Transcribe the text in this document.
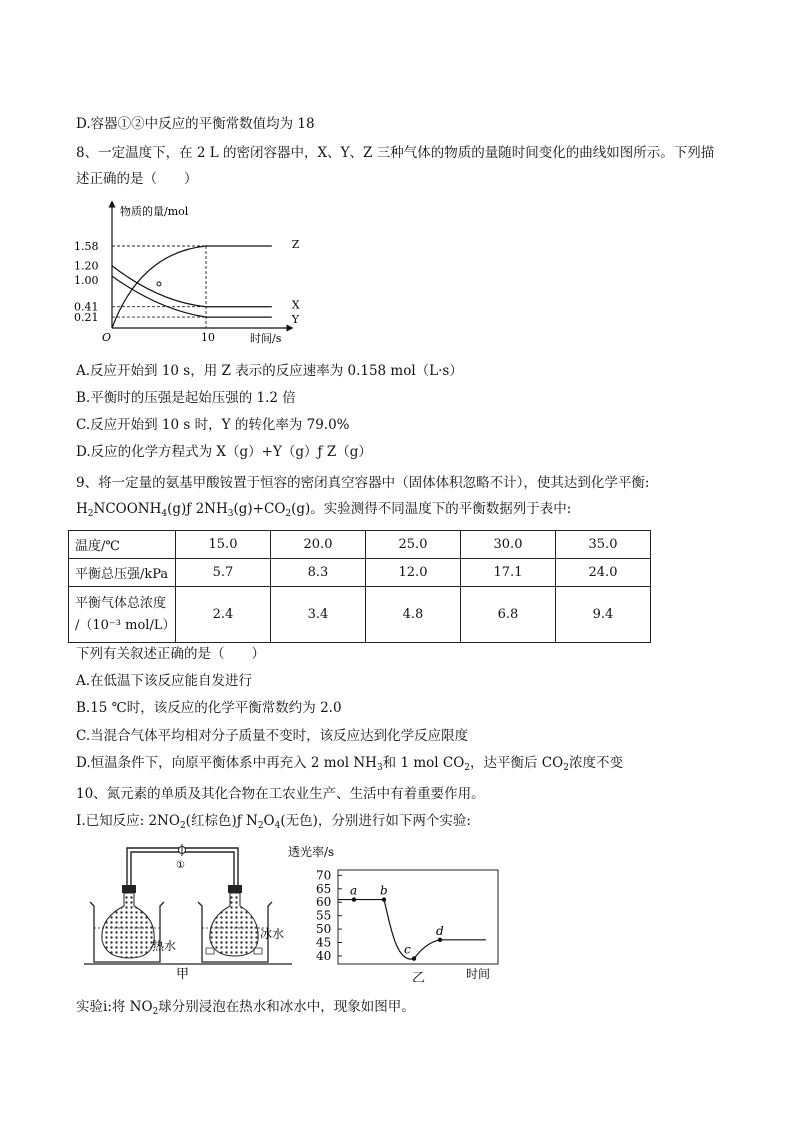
D.容器①②中反应的平衡常数值均为 18
8、一定温度下，在 2 L 的密闭容器中，X、Y、Z 三种气体的物质的量随时间变化的曲线如图所示。下列描
述正确的是（　　）
物质的量/mol
时间/s
O	10
1.58
1.20
1.00
0.41
0.21
Z
X
Y
A.反应开始到 10 s，用 Z 表示的反应速率为 0.158 mol（L·s）
B.平衡时的压强是起始压强的 1.2 倍
C.反应开始到 10 s 时，Y 的转化率为 79.0%
D.反应的化学方程式为 X（g）+Y（g）ƒ Z（g）
9、将一定量的氨基甲酸铵置于恒容的密闭真空容器中（固体体积忽略不计），使其达到化学平衡:
$H_2NCOONH_4(g)ƒ$ $2NH_3(g)+CO_2(g)$。实验测得不同温度下的平衡数据列于表中:
温度/℃	15.0	20.0	25.0	30.0	35.0
平衡总压强/kPa	5.7	8.3	12.0	17.1	24.0

平衡气体总浓度
/（10⁻³ mol/L）	2.4	3.4	4.8	6.8	9.4
下列有关叙述正确的是（　　）
A.在低温下该反应能自发进行
B.15 ℃时，该反应的化学平衡常数约为 2.0
C.当混合气体平均相对分子质量不变时，该反应达到化学反应限度
D.恒温条件下，向原平衡体系中再充入 2 mol $NH_3$和 1 mol $CO_2$，达平衡后 $CO_2$浓度不变
10、氮元素的单质及其化合物在工农业生产、生活中有着重要作用。
I.已知反应: $2NO_2$(红棕色)ƒ $N_2O_4$(无色)，分别进行如下两个实验:
①
热水
冰水
甲
透光率/s
70
65
60
55
50
45
40
a b
c
d
乙	时间
实验ⅰ:将 $NO_2$球分别浸泡在热水和冰水中，现象如图甲。
